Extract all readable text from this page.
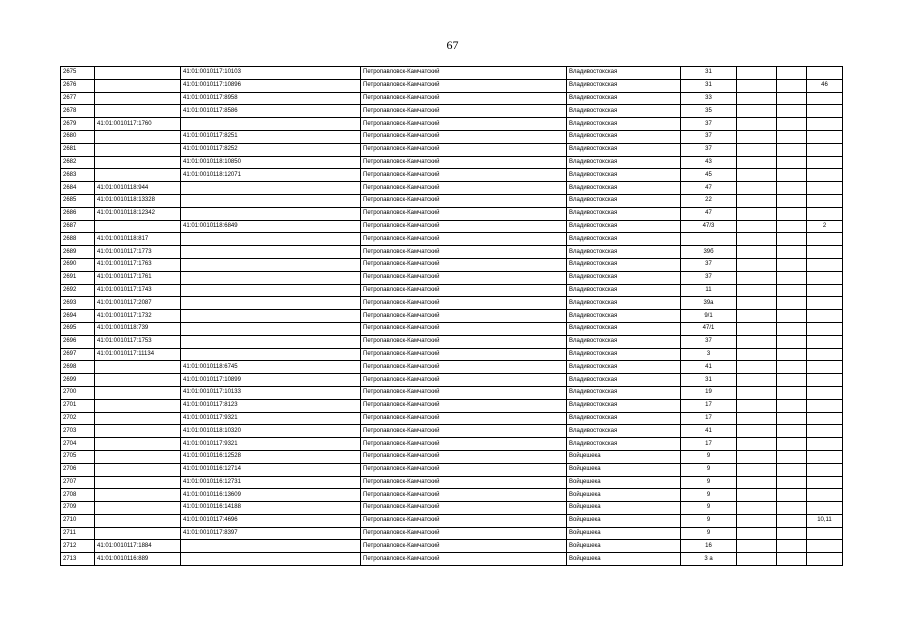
67
2675		41:01:0010117:10103	Петропавловск-Камчатский	Владивостокская	31			
2676		41:01:0010117:10896	Петропавловск-Камчатский	Владивостокская	31			46
2677		41:01:0010117:8958	Петропавловск-Камчатский	Владивостокская	33			
2678		41:01:0010117:8586	Петропавловск-Камчатский	Владивостокская	35			
2679	41:01:0010117:1760		Петропавловск-Камчатский	Владивостокская	37			
2680		41:01:0010117:8251	Петропавловск-Камчатский	Владивостокская	37			
2681		41:01:0010117:8252	Петропавловск-Камчатский	Владивостокская	37			
2682		41:01:0010118:10850	Петропавловск-Камчатский	Владивостокская	43			
2683		41:01:0010118:12071	Петропавловск-Камчатский	Владивостокская	45			
2684	41:01:0010118:944		Петропавловск-Камчатский	Владивостокская	47			
2685	41:01:0010118:13328		Петропавловск-Камчатский	Владивостокская	22			
2686	41:01:0010118:12342		Петропавловск-Камчатский	Владивостокская	47			
2687		41:01:0010118:6849	Петропавловск-Камчатский	Владивостокская	47/3			2
2688	41:01:0010118:817		Петропавловск-Камчатский	Владивостокская				
2689	41:01:0010117:1773		Петропавловск-Камчатский	Владивостокская	39б			
2690	41:01:0010117:1763		Петропавловск-Камчатский	Владивостокская	37			
2691	41:01:0010117:1761		Петропавловск-Камчатский	Владивостокская	37			
2692	41:01:0010117:1743		Петропавловск-Камчатский	Владивостокская	11			
2693	41:01:0010117:2087		Петропавловск-Камчатский	Владивостокская	39а			
2694	41:01:0010117:1732		Петропавловск-Камчатский	Владивостокская	9/1			
2695	41:01:0010118:739		Петропавловск-Камчатский	Владивостокская	47/1			
2696	41:01:0010117:1753		Петропавловск-Камчатский	Владивостокская	37			
2697	41:01:0010117:11134		Петропавловск-Камчатский	Владивостокская	3			
2698		41:01:0010118:6745	Петропавловск-Камчатский	Владивостокская	41			
2699		41:01:0010117:10899	Петропавловск-Камчатский	Владивостокская	31			
2700		41:01:0010117:10133	Петропавловск-Камчатский	Владивостокская	19			
2701		41:01:0010117:8123	Петропавловск-Камчатский	Владивостокская	17			
2702		41:01:0010117:9321	Петропавловск-Камчатский	Владивостокская	17			
2703		41:01:0010118:10320	Петропавловск-Камчатский	Владивостокская	41			
2704		41:01:0010117:9321	Петропавловск-Камчатский	Владивостокская	17			
2705		41:01:0010116:12528	Петропавловск-Камчатский	Войцешека	9			
2706		41:01:0010116:12714	Петропавловск-Камчатский	Войцешека	9			
2707		41:01:0010116:12731	Петропавловск-Камчатский	Войцешека	9			
2708		41:01:0010116:13609	Петропавловск-Камчатский	Войцешека	9			
2709		41:01:0010116:14188	Петропавловск-Камчатский	Войцешека	9			
2710		41:01:0010117:4696	Петропавловск-Камчатский	Войцешека	9			10,11
2711		41:01:0010117:8397	Петропавловск-Камчатский	Войцешека	9			
2712	41:01:0010117:1884		Петропавловск-Камчатский	Войцешека	16			
2713	41:01:0010116:889		Петропавловск-Камчатский	Войцешека	3 а			
